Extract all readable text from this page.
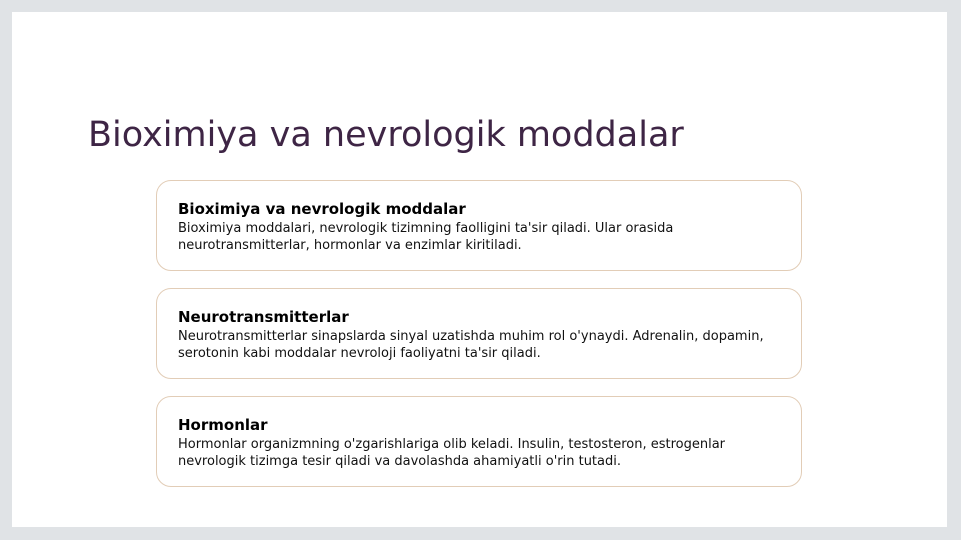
Bioximiya va nevrologik moddalar
Bioximiya va nevrologik moddalar

Bioximiya moddalari, nevrologik tizimning faolligini ta'sir qiladi. Ular orasida neurotransmitterlar, hormonlar va enzimlar kiritiladi.

Neurotransmitterlar

Neurotransmitterlar sinapslarda sinyal uzatishda muhim rol o'ynaydi. Adrenalin, dopamin, serotonin kabi moddalar nevroloji faoliyatni ta'sir qiladi.

Hormonlar

Hormonlar organizmning o'zgarishlariga olib keladi. Insulin, testosteron, estrogenlar nevrologik tizimga tesir qiladi va davolashda ahamiyatli o'rin tutadi.
